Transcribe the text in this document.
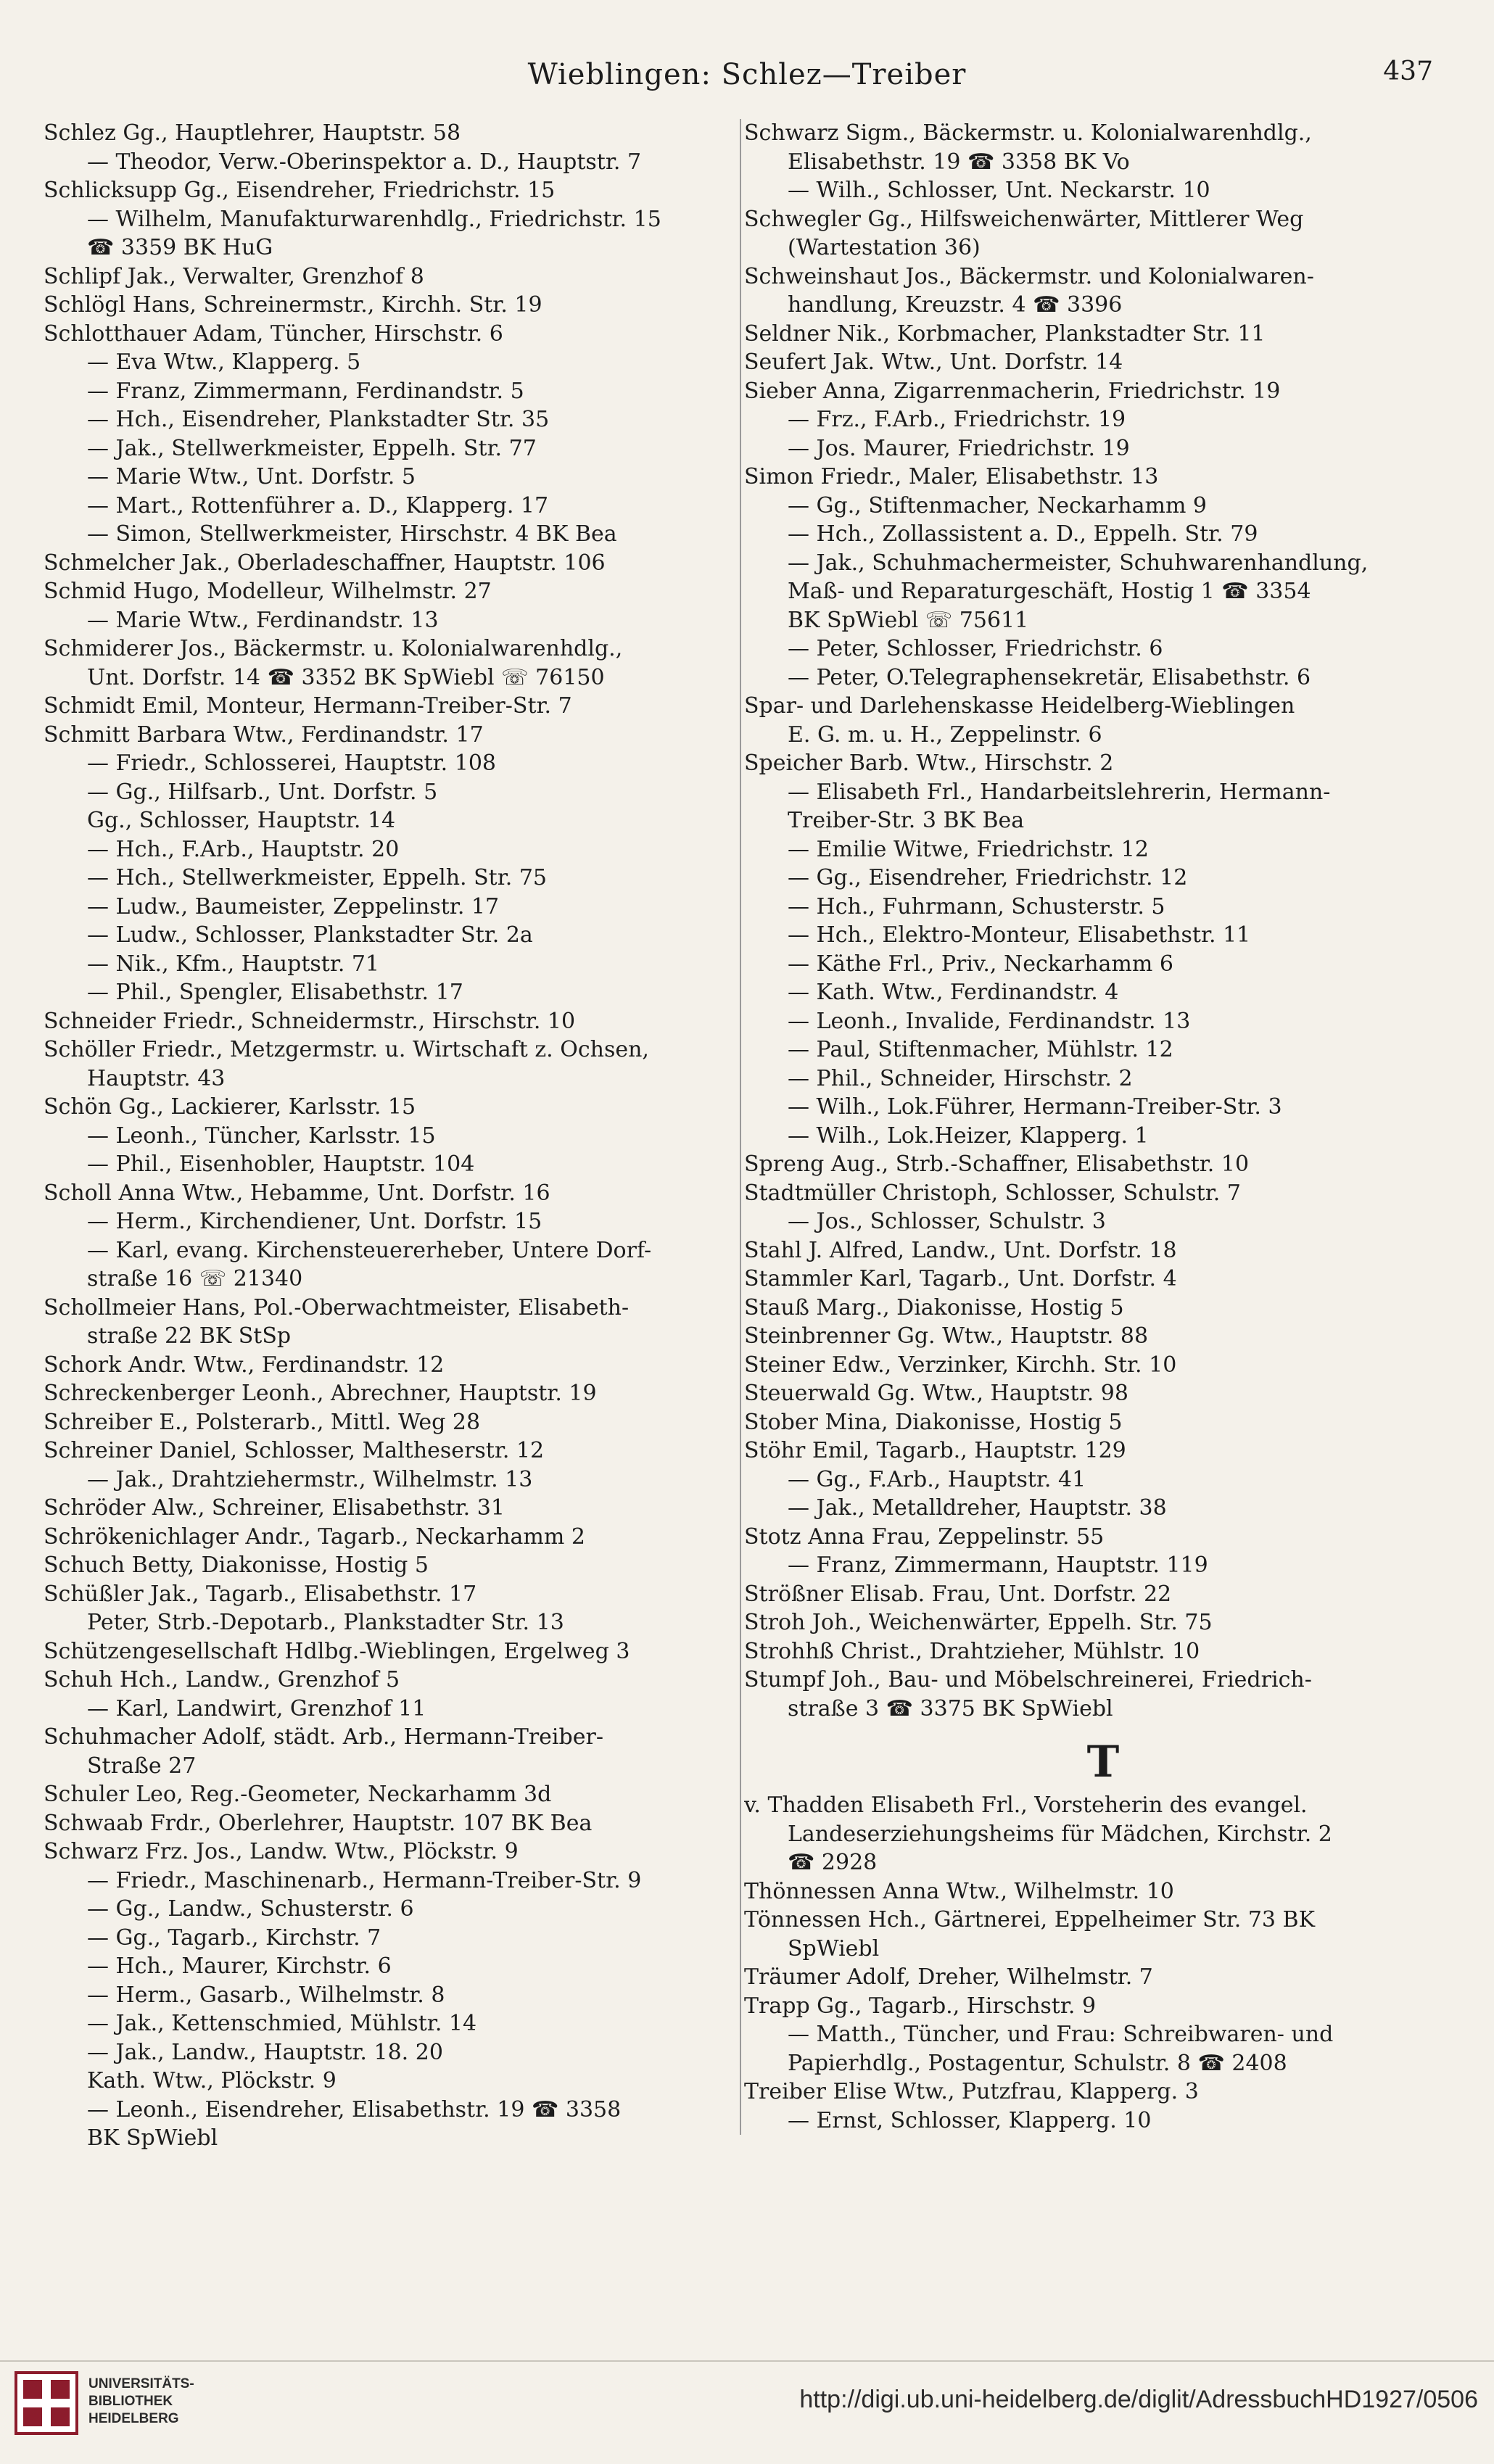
Wieblingen: Schlez—Treiber	437
Schlez Gg., Hauptlehrer, Hauptstr. 58
— Theodor, Verw.-Oberinspektor a. D., Hauptstr. 7
Schlicksupp Gg., Eisendreher, Friedrichstr. 15
— Wilhelm, Manufakturwarenhdlg., Friedrichstr. 15
☎ 3359 BK HuG
Schlipf Jak., Verwalter, Grenzhof 8
Schlögl Hans, Schreinermstr., Kirchh. Str. 19
Schlotthauer Adam, Tüncher, Hirschstr. 6
— Eva Wtw., Klapperg. 5
— Franz, Zimmermann, Ferdinandstr. 5
— Hch., Eisendreher, Plankstadter Str. 35
— Jak., Stellwerkmeister, Eppelh. Str. 77
— Marie Wtw., Unt. Dorfstr. 5
— Mart., Rottenführer a. D., Klapperg. 17
— Simon, Stellwerkmeister, Hirschstr. 4 BK Bea
Schmelcher Jak., Oberladeschaffner, Hauptstr. 106
Schmid Hugo, Modelleur, Wilhelmstr. 27
— Marie Wtw., Ferdinandstr. 13
Schmiderer Jos., Bäckermstr. u. Kolonialwarenhdlg.,
Unt. Dorfstr. 14 ☎ 3352 BK SpWiebl ☏ 76150
Schmidt Emil, Monteur, Hermann-Treiber-Str. 7
Schmitt Barbara Wtw., Ferdinandstr. 17
— Friedr., Schlosserei, Hauptstr. 108
— Gg., Hilfsarb., Unt. Dorfstr. 5
Gg., Schlosser, Hauptstr. 14
— Hch., F.Arb., Hauptstr. 20
— Hch., Stellwerkmeister, Eppelh. Str. 75
— Ludw., Baumeister, Zeppelinstr. 17
— Ludw., Schlosser, Plankstadter Str. 2a
— Nik., Kfm., Hauptstr. 71
— Phil., Spengler, Elisabethstr. 17
Schneider Friedr., Schneidermstr., Hirschstr. 10
Schöller Friedr., Metzgermstr. u. Wirtschaft z. Ochsen,
Hauptstr. 43
Schön Gg., Lackierer, Karlsstr. 15
— Leonh., Tüncher, Karlsstr. 15
— Phil., Eisenhobler, Hauptstr. 104
Scholl Anna Wtw., Hebamme, Unt. Dorfstr. 16
— Herm., Kirchendiener, Unt. Dorfstr. 15
— Karl, evang. Kirchensteuererheber, Untere Dorf-
straße 16 ☏ 21340
Schollmeier Hans, Pol.-Oberwachtmeister, Elisabeth-
straße 22 BK StSp
Schork Andr. Wtw., Ferdinandstr. 12
Schreckenberger Leonh., Abrechner, Hauptstr. 19
Schreiber E., Polsterarb., Mittl. Weg 28
Schreiner Daniel, Schlosser, Maltheserstr. 12
— Jak., Drahtziehermstr., Wilhelmstr. 13
Schröder Alw., Schreiner, Elisabethstr. 31
Schrökenichlager Andr., Tagarb., Neckarhamm 2
Schuch Betty, Diakonisse, Hostig 5
Schüßler Jak., Tagarb., Elisabethstr. 17
Peter, Strb.-Depotarb., Plankstadter Str. 13
Schützengesellschaft Hdlbg.-Wieblingen, Ergelweg 3
Schuh Hch., Landw., Grenzhof 5
— Karl, Landwirt, Grenzhof 11
Schuhmacher Adolf, städt. Arb., Hermann-Treiber-
Straße 27
Schuler Leo, Reg.-Geometer, Neckarhamm 3d
Schwaab Frdr., Oberlehrer, Hauptstr. 107 BK Bea
Schwarz Frz. Jos., Landw. Wtw., Plöckstr. 9
— Friedr., Maschinenarb., Hermann-Treiber-Str. 9
— Gg., Landw., Schusterstr. 6
— Gg., Tagarb., Kirchstr. 7
— Hch., Maurer, Kirchstr. 6
— Herm., Gasarb., Wilhelmstr. 8
— Jak., Kettenschmied, Mühlstr. 14
— Jak., Landw., Hauptstr. 18. 20
Kath. Wtw., Plöckstr. 9
— Leonh., Eisendreher, Elisabethstr. 19 ☎ 3358
BK SpWiebl
Schwarz Sigm., Bäckermstr. u. Kolonialwarenhdlg.,
Elisabethstr. 19 ☎ 3358 BK Vo
— Wilh., Schlosser, Unt. Neckarstr. 10
Schwegler Gg., Hilfsweichenwärter, Mittlerer Weg
(Wartestation 36)
Schweinshaut Jos., Bäckermstr. und Kolonialwaren-
handlung, Kreuzstr. 4 ☎ 3396
Seldner Nik., Korbmacher, Plankstadter Str. 11
Seufert Jak. Wtw., Unt. Dorfstr. 14
Sieber Anna, Zigarrenmacherin, Friedrichstr. 19
— Frz., F.Arb., Friedrichstr. 19
— Jos. Maurer, Friedrichstr. 19
Simon Friedr., Maler, Elisabethstr. 13
— Gg., Stiftenmacher, Neckarhamm 9
— Hch., Zollassistent a. D., Eppelh. Str. 79
— Jak., Schuhmachermeister, Schuhwarenhandlung,
Maß- und Reparaturgeschäft, Hostig 1 ☎ 3354
BK SpWiebl ☏ 75611
— Peter, Schlosser, Friedrichstr. 6
— Peter, O.Telegraphensekretär, Elisabethstr. 6
Spar- und Darlehenskasse Heidelberg-Wieblingen
E. G. m. u. H., Zeppelinstr. 6
Speicher Barb. Wtw., Hirschstr. 2
— Elisabeth Frl., Handarbeitslehrerin, Hermann-
Treiber-Str. 3 BK Bea
— Emilie Witwe, Friedrichstr. 12
— Gg., Eisendreher, Friedrichstr. 12
— Hch., Fuhrmann, Schusterstr. 5
— Hch., Elektro-Monteur, Elisabethstr. 11
— Käthe Frl., Priv., Neckarhamm 6
— Kath. Wtw., Ferdinandstr. 4
— Leonh., Invalide, Ferdinandstr. 13
— Paul, Stiftenmacher, Mühlstr. 12
— Phil., Schneider, Hirschstr. 2
— Wilh., Lok.Führer, Hermann-Treiber-Str. 3
— Wilh., Lok.Heizer, Klapperg. 1
Spreng Aug., Strb.-Schaffner, Elisabethstr. 10
Stadtmüller Christoph, Schlosser, Schulstr. 7
— Jos., Schlosser, Schulstr. 3
Stahl J. Alfred, Landw., Unt. Dorfstr. 18
Stammler Karl, Tagarb., Unt. Dorfstr. 4
Stauß Marg., Diakonisse, Hostig 5
Steinbrenner Gg. Wtw., Hauptstr. 88
Steiner Edw., Verzinker, Kirchh. Str. 10
Steuerwald Gg. Wtw., Hauptstr. 98
Stober Mina, Diakonisse, Hostig 5
Stöhr Emil, Tagarb., Hauptstr. 129
— Gg., F.Arb., Hauptstr. 41
— Jak., Metalldreher, Hauptstr. 38
Stotz Anna Frau, Zeppelinstr. 55
— Franz, Zimmermann, Hauptstr. 119
Strößner Elisab. Frau, Unt. Dorfstr. 22
Stroh Joh., Weichenwärter, Eppelh. Str. 75
Strohhß Christ., Drahtzieher, Mühlstr. 10
Stumpf Joh., Bau- und Möbelschreinerei, Friedrich-
straße 3 ☎ 3375 BK SpWiebl
T
v. Thadden Elisabeth Frl., Vorsteherin des evangel.
Landeserziehungsheims für Mädchen, Kirchstr. 2
☎ 2928
Thönnessen Anna Wtw., Wilhelmstr. 10
Tönnessen Hch., Gärtnerei, Eppelheimer Str. 73 BK
SpWiebl
Träumer Adolf, Dreher, Wilhelmstr. 7
Trapp Gg., Tagarb., Hirschstr. 9
— Matth., Tüncher, und Frau: Schreibwaren- und
Papierhdlg., Postagentur, Schulstr. 8 ☎ 2408
Treiber Elise Wtw., Putzfrau, Klapperg. 3
— Ernst, Schlosser, Klapperg. 10
UNIVERSITÄTS-
BIBLIOTHEK
HEIDELBERG
http://digi.ub.uni-heidelberg.de/diglit/AdressbuchHD1927/0506
